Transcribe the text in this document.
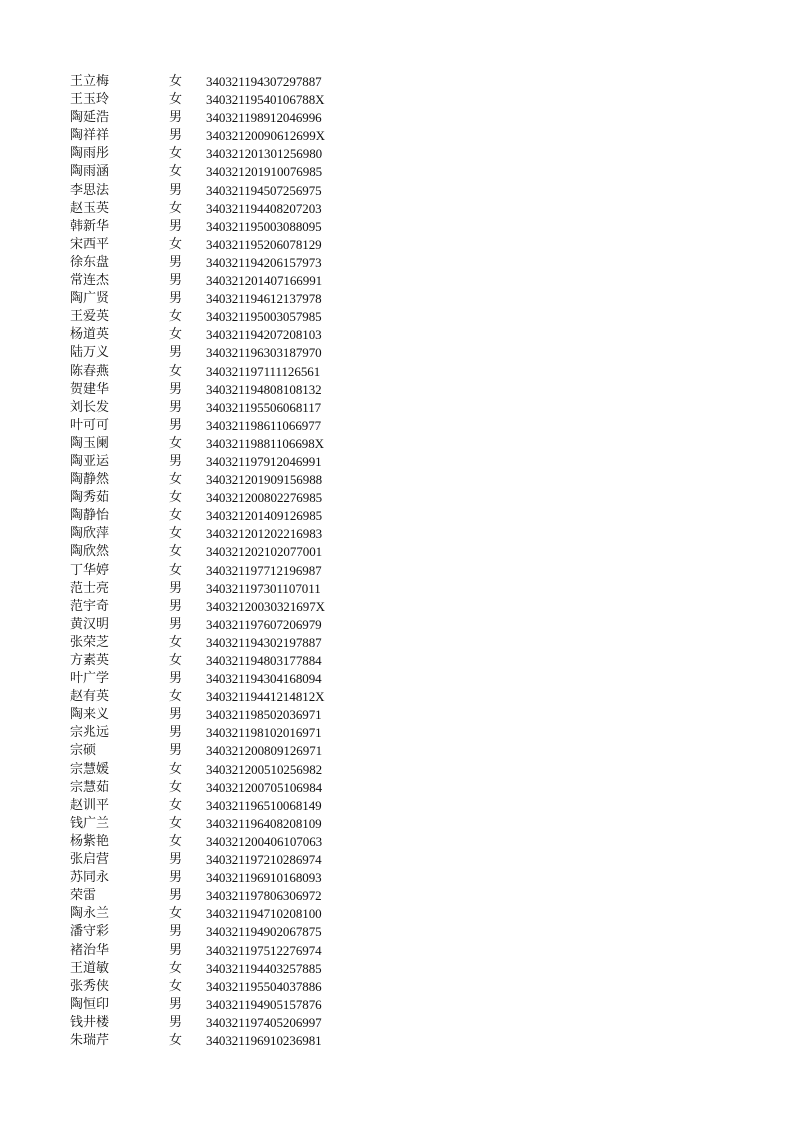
王立梅	女 340321194307297887
王玉玲	女 34032119540106788X
陶延浩	男 340321198912046996
陶祥祥	男 34032120090612699X
陶雨彤	女 340321201301256980
陶雨涵	女 340321201910076985
李思法	男 340321194507256975
赵玉英	女 340321194408207203
韩新华	男 340321195003088095
宋西平	女 340321195206078129
徐东盘	男 340321194206157973
常连杰	男 340321201407166991
陶广贤	男 340321194612137978
王爱英	女 340321195003057985
杨道英	女 340321194207208103
陆万义	男 340321196303187970
陈春燕	女 340321197111126561
贺建华	男 340321194808108132
刘长发	男 340321195506068117
叶可可	男 340321198611066977
陶玉阑	女 34032119881106698X
陶亚运	男 340321197912046991
陶静然	女 340321201909156988
陶秀茹	女 340321200802276985
陶静怡	女 340321201409126985
陶欣萍	女 340321201202216983
陶欣然	女 340321202102077001
丁华婷	女 340321197712196987
范士亮	男 340321197301107011
范宇奇	男 34032120030321697X
黄汉明	男 340321197607206979
张荣芝	女 340321194302197887
方素英	女 340321194803177884
叶广学	男 340321194304168094
赵有英	女 34032119441214812X
陶来义	男 340321198502036971
宗兆远	男 340321198102016971
宗硕	男 340321200809126971
宗慧媛	女 340321200510256982
宗慧茹	女 340321200705106984
赵训平	女 340321196510068149
钱广兰	女 340321196408208109
杨紫艳	女 340321200406107063
张启营	男 340321197210286974
苏同永	男 340321196910168093
荣雷	男 340321197806306972
陶永兰	女 340321194710208100
潘守彩	男 340321194902067875
褚治华	男 340321197512276974
王道敏	女 340321194403257885
张秀侠	女 340321195504037886
陶恒印	男 340321194905157876
钱井楼	男 340321197405206997
朱瑞芹	女 340321196910236981
